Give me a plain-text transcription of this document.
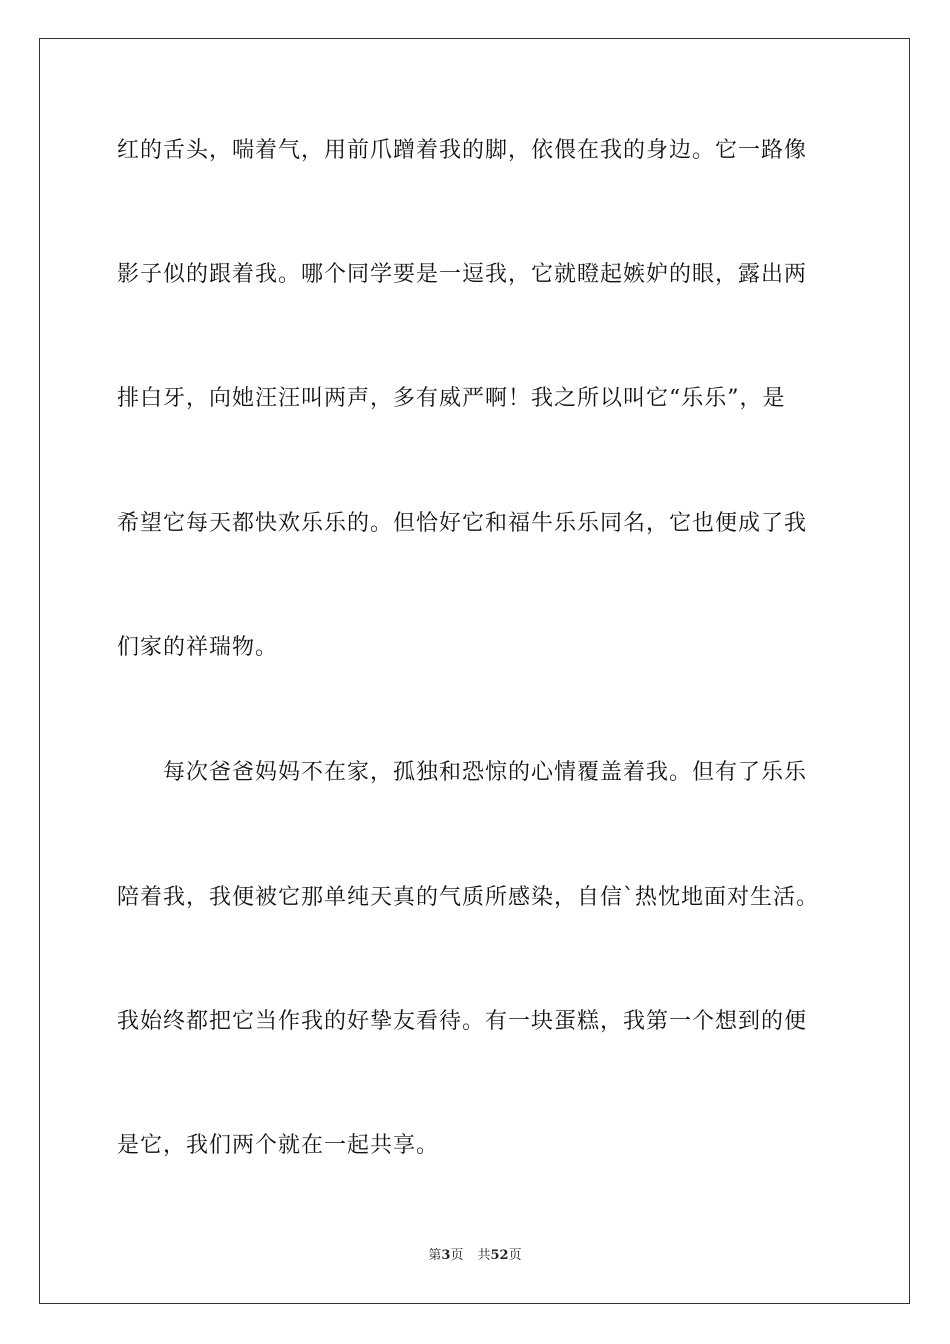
红的舌头，喘着气，用前爪蹭着我的脚，依偎在我的身边。它一路像
影子似的跟着我。哪个同学要是一逗我，它就瞪起嫉妒的眼，露出两
排白牙，向她汪汪叫两声，多有威严啊！我之所以叫它“乐乐”，是
希望它每天都快欢乐乐的。但恰好它和福牛乐乐同名，它也便成了我
们家的祥瑞物。
　　每次爸爸妈妈不在家，孤独和恐惊的心情覆盖着我。但有了乐乐
陪着我，我便被它那单纯天真的气质所感染，自信`热忱地面对生活。
我始终都把它当作我的好挚友看待。有一块蛋糕，我第一个想到的便
是它，我们两个就在一起共享。
第3页 共52页
